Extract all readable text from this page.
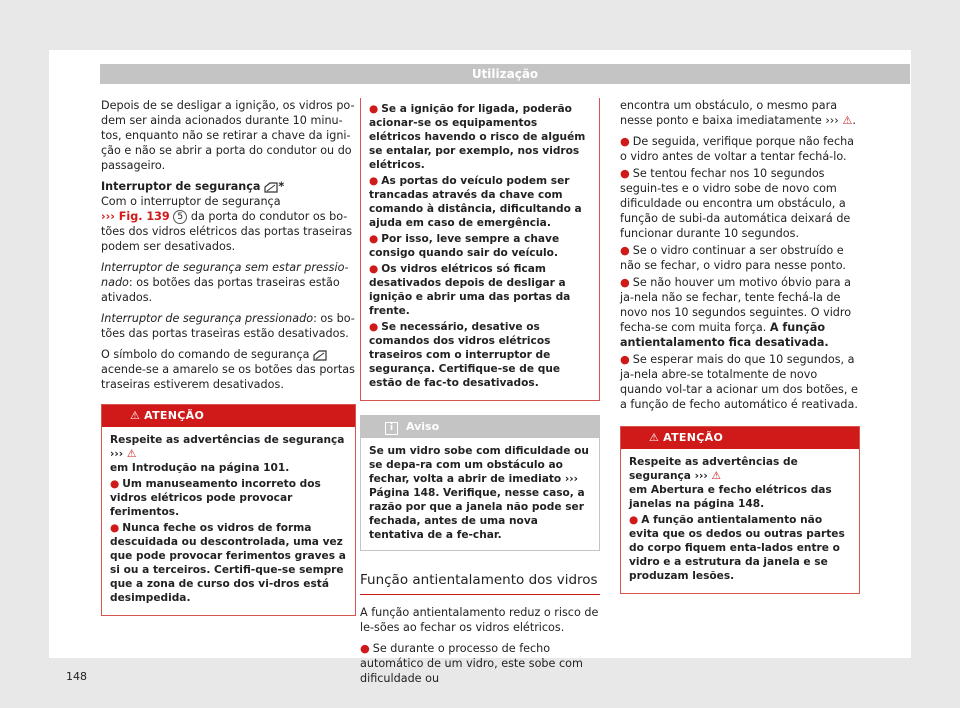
Utilização

Depois de se desligar a ignição, os vidros po-dem ser ainda acionados durante 10 minu-tos, enquanto não se retirar a chave da igni-ção e não se abrir a porta do condutor ou do passageiro.

Interruptor de segurança *

Com o interruptor de segurança
››› Fig. 139 5 da porta do condutor os bo-tões dos vidros elétricos das portas traseiras podem ser desativados.

Interruptor de segurança sem estar pressio-nado: os botões das portas traseiras estão ativados.

Interruptor de segurança pressionado: os bo-tões das portas traseiras estão desativados.

O símbolo do comando de segurança  acende-se a amarelo se os botões das portas traseiras estiverem desativados.

⚠ ATENÇÃO

Respeite as advertências de segurança ››› ⚠
em Introdução na página 101.

● Um manuseamento incorreto dos vidros elétricos pode provocar ferimentos.

● Nunca feche os vidros de forma descuidada ou descontrolada, uma vez que pode provocar ferimentos graves a si ou a terceiros. Certifi-que-se sempre que a zona de curso dos vi-dros está desimpedida.

● Se a ignição for ligada, poderão acionar-se os equipamentos elétricos havendo o risco de alguém se entalar, por exemplo, nos vidros elétricos.

● As portas do veículo podem ser trancadas através da chave com comando à distância, dificultando a ajuda em caso de emergência.

● Por isso, leve sempre a chave consigo quando sair do veículo.

● Os vidros elétricos só ficam desativados depois de desligar a ignição e abrir uma das portas da frente.

● Se necessário, desative os comandos dos vidros elétricos traseiros com o interruptor de segurança. Certifique-se de que estão de fac-to desativados.

i Aviso
Se um vidro sobe com dificuldade ou se depa-ra com um obstáculo ao fechar, volta a abrir de imediato ››› Página 148. Verifique, nesse caso, a razão por que a janela não pode ser fechada, antes de uma nova tentativa de a fe-char.
Função antientalamento dos vidros

A função antientalamento reduz o risco de le-sões ao fechar os vidros elétricos.

● Se durante o processo de fecho automático de um vidro, este sobe com dificuldade ou

encontra um obstáculo, o mesmo para nesse ponto e baixa imediatamente ››› ⚠.

● De seguida, verifique porque não fecha o vidro antes de voltar a tentar fechá-lo.

● Se tentou fechar nos 10 segundos seguin-tes e o vidro sobe de novo com dificuldade ou encontra um obstáculo, a função de subi-da automática deixará de funcionar durante 10 segundos.

● Se o vidro continuar a ser obstruído e não se fechar, o vidro para nesse ponto.

● Se não houver um motivo óbvio para a ja-nela não se fechar, tente fechá-la de novo nos 10 segundos seguintes. O vidro fecha-se com muita força. A função antientalamento fica desativada.

● Se esperar mais do que 10 segundos, a ja-nela abre-se totalmente de novo quando vol-tar a acionar um dos botões, e a função de fecho automático é reativada.

⚠ ATENÇÃO

Respeite as advertências de segurança ››› ⚠
em Abertura e fecho elétricos das janelas na página 148.

● A função antientalamento não evita que os dedos ou outras partes do corpo fiquem enta-lados entre o vidro e a estrutura da janela e se produzam lesões.

148
